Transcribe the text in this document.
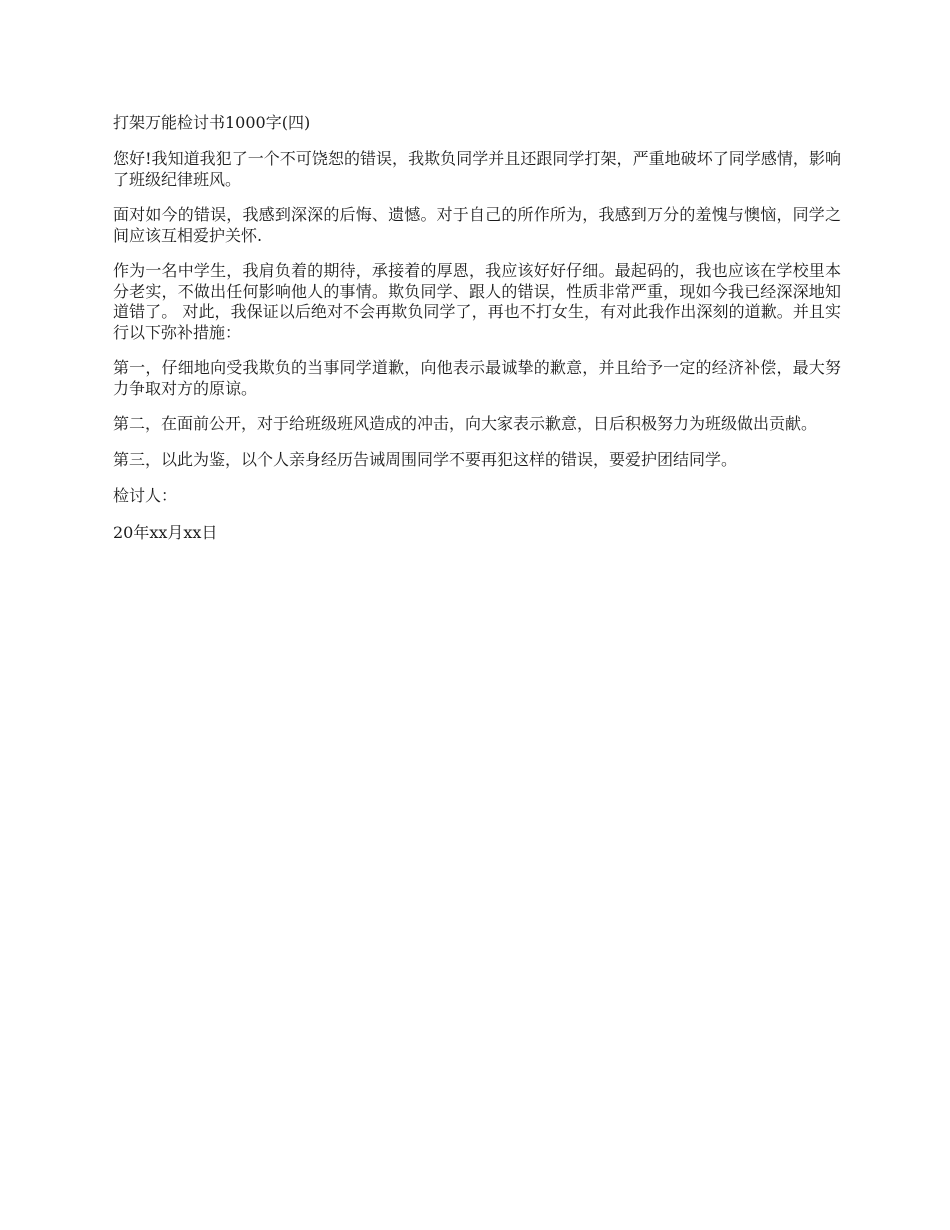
打架万能检讨书1000字(四)
您好!我知道我犯了一个不可饶恕的错误，我欺负同学并且还跟同学打架，严重地破坏了同学感情，影响了班级纪律班风。
面对如今的错误，我感到深深的后悔、遗憾。对于自己的所作所为，我感到万分的羞愧与懊恼，同学之间应该互相爱护关怀.
作为一名中学生，我肩负着的期待，承接着的厚恩，我应该好好仔细。最起码的，我也应该在学校里本分老实，不做出任何影响他人的事情。欺负同学、跟人的错误，性质非常严重，现如今我已经深深地知道错了。 对此，我保证以后绝对不会再欺负同学了，再也不打女生，有对此我作出深刻的道歉。并且实行以下弥补措施：
第一，仔细地向受我欺负的当事同学道歉，向他表示最诚挚的歉意，并且给予一定的经济补偿，最大努力争取对方的原谅。
第二，在面前公开，对于给班级班风造成的冲击，向大家表示歉意，日后积极努力为班级做出贡献。
第三，以此为鉴，以个人亲身经历告诫周围同学不要再犯这样的错误，要爱护团结同学。
检讨人：
20年xx月xx日
